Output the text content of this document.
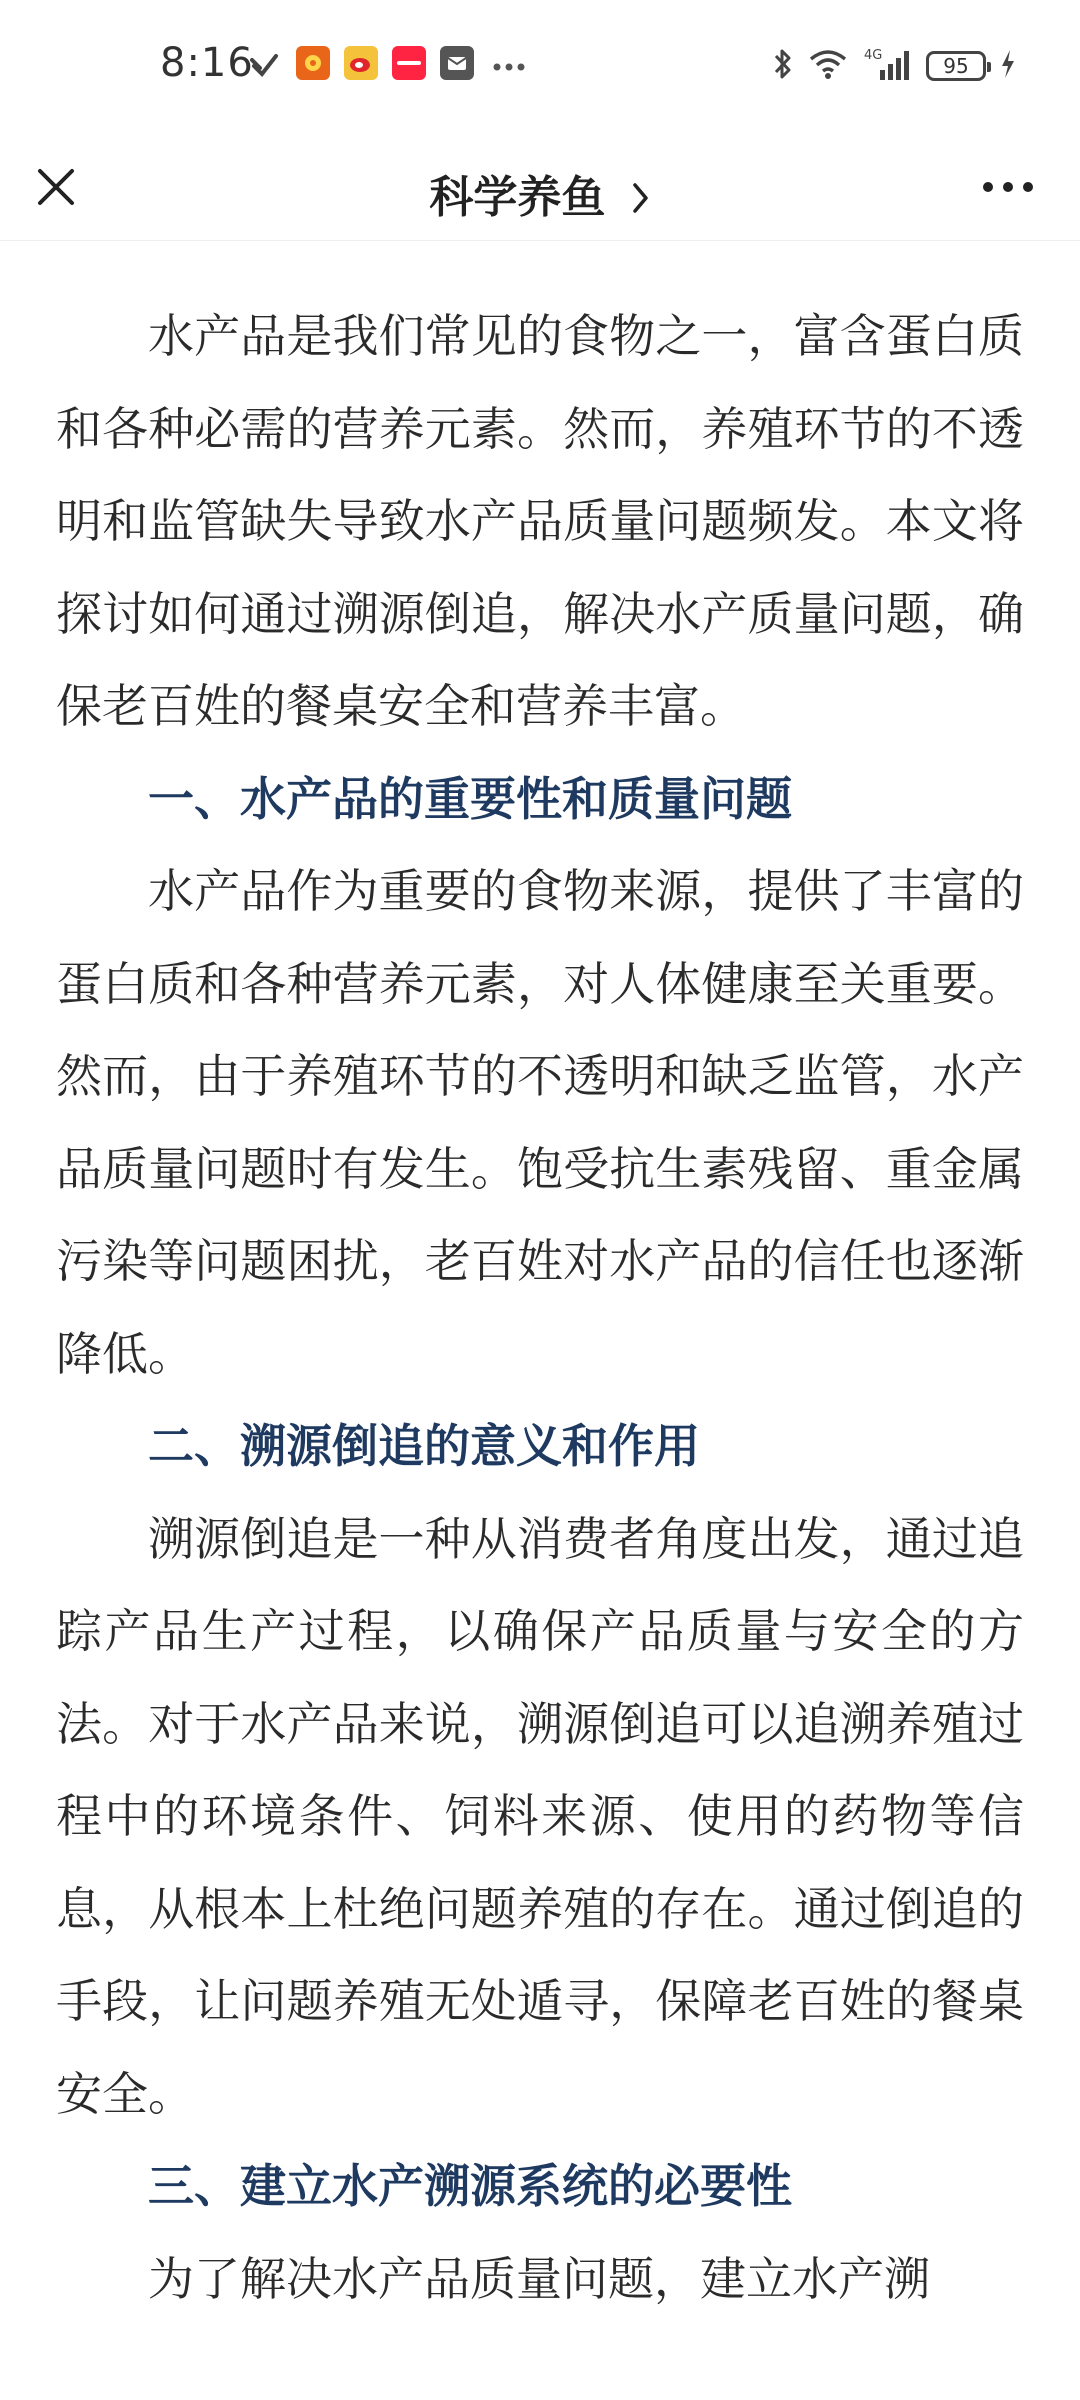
8:16	4G	95
科学养鱼

水产品是我们常见的食物之一，富含蛋白质和各种必需的营养元素。然而，养殖环节的不透明和监管缺失导致水产品质量问题频发。本文将探讨如何通过溯源倒追，解决水产质量问题，确保老百姓的餐桌安全和营养丰富。

一、水产品的重要性和质量问题

水产品作为重要的食物来源，提供了丰富的蛋白质和各种营养元素，对人体健康至关重要。然而，由于养殖环节的不透明和缺乏监管，水产品质量问题时有发生。饱受抗生素残留、重金属污染等问题困扰，老百姓对水产品的信任也逐渐降低。

二、溯源倒追的意义和作用

溯源倒追是一种从消费者角度出发，通过追踪产品生产过程，以确保产品质量与安全的方法。对于水产品来说，溯源倒追可以追溯养殖过程中的环境条件、饲料来源、使用的药物等信息，从根本上杜绝问题养殖的存在。通过倒追的手段，让问题养殖无处遁寻，保障老百姓的餐桌安全。

三、建立水产溯源系统的必要性

为了解决水产品质量问题，建立水产溯
